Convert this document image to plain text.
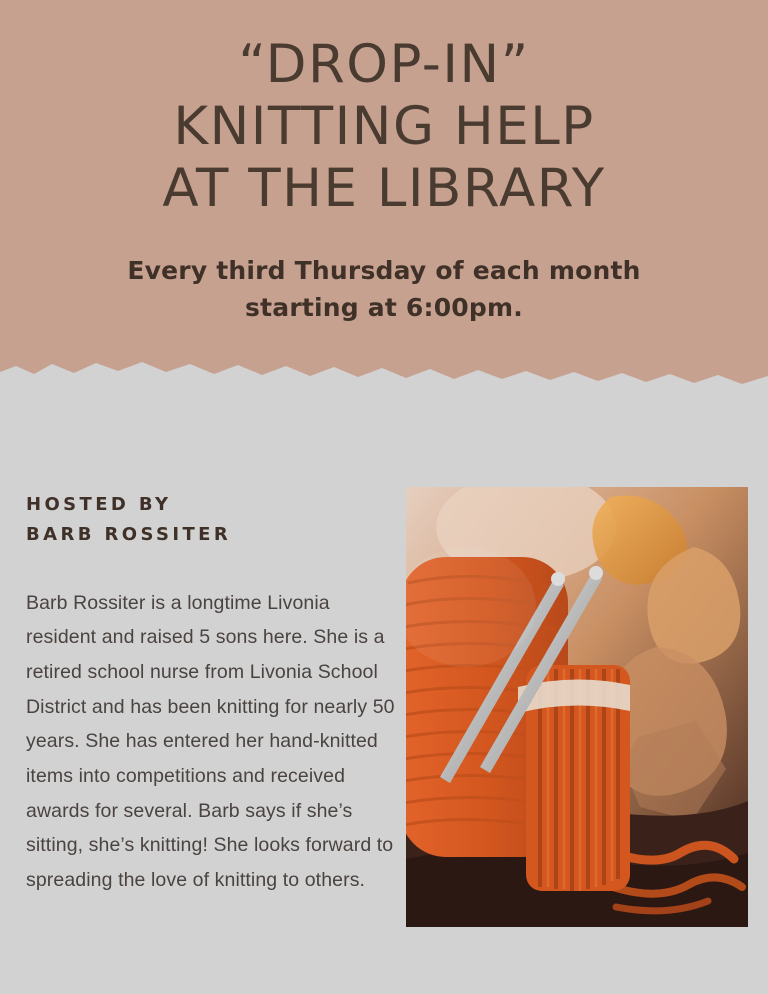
“DROP-IN”
KNITTING HELP
AT THE LIBRARY
Every third Thursday of each month
starting at 6:00pm.
HOSTED BY
BARB ROSSITER

Barb Rossiter is a longtime Livonia resident and raised 5 sons here. She is a retired school nurse from Livonia School District and has been knitting for nearly 50 years. She has entered her hand-knitted items into competitions and received awards for several. Barb says if she’s sitting, she’s knitting! She looks forward to spreading the love of knitting to others.
